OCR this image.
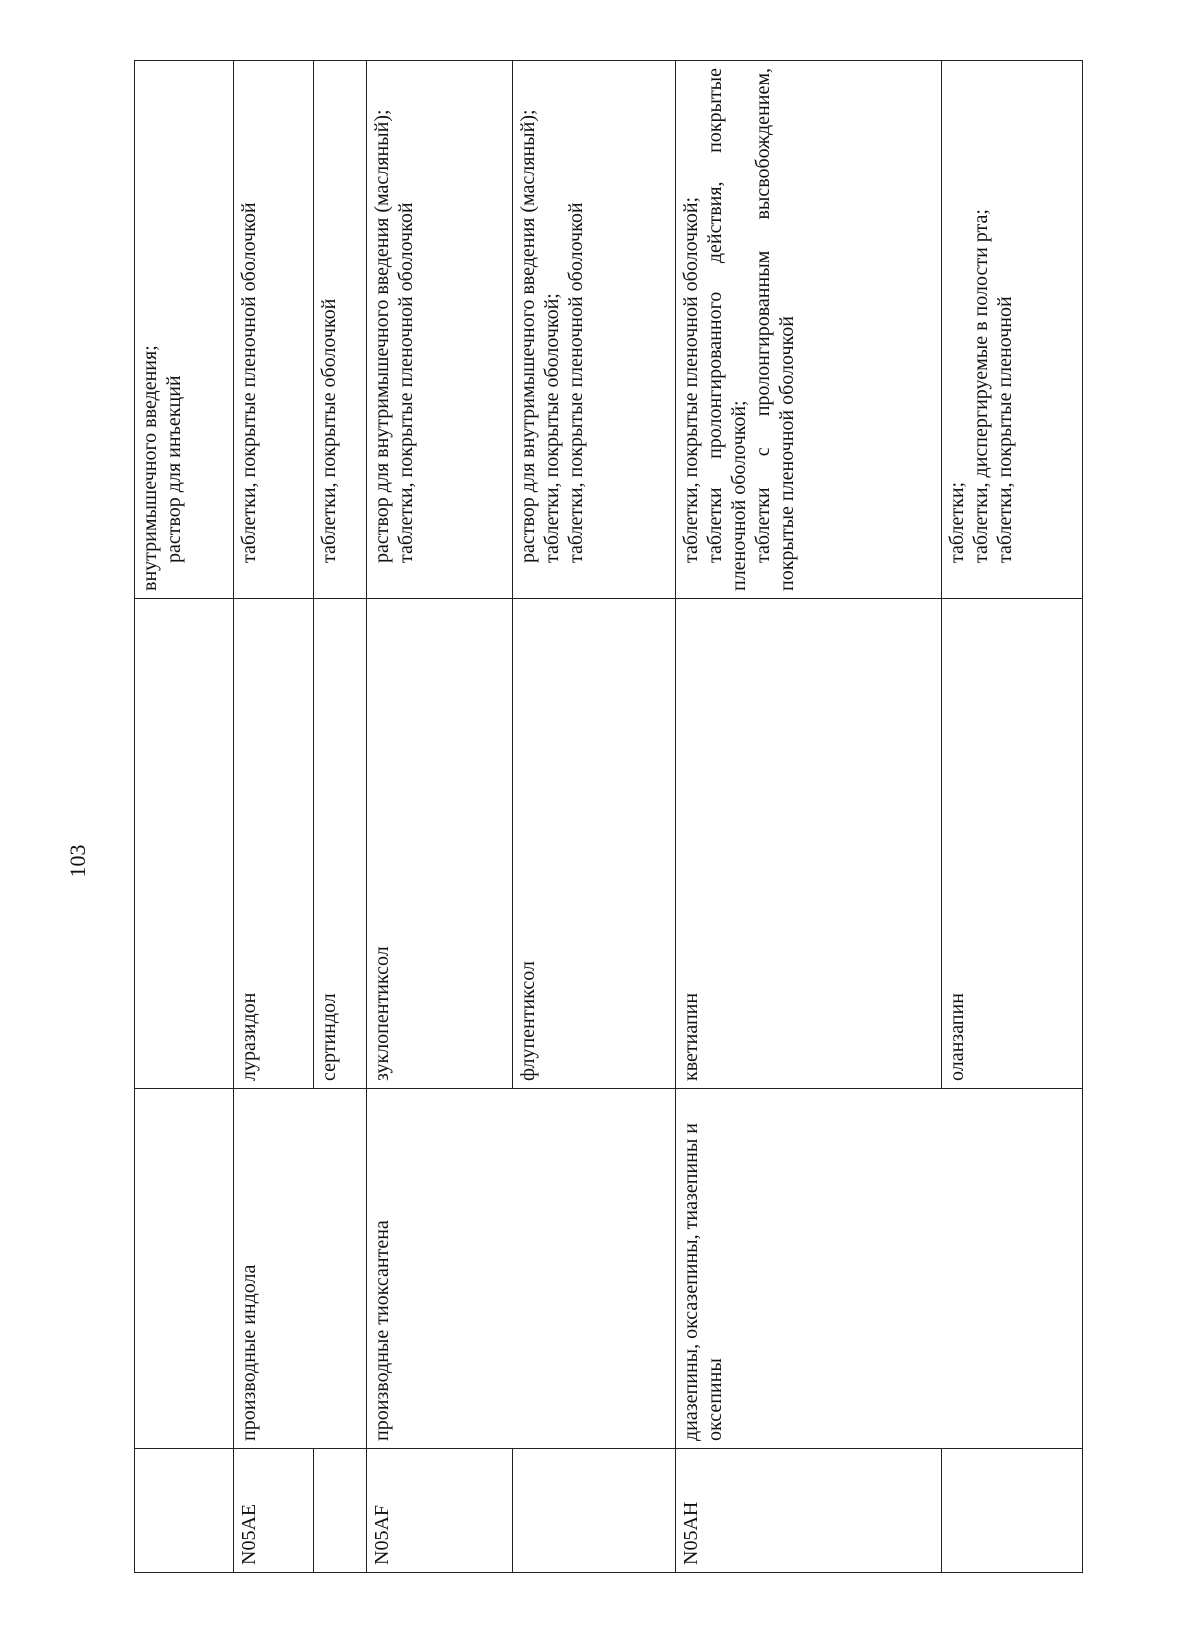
103

			внутримышечного введения; раствор для инъекций

N05AE	производные индола	луразидон	таблетки, покрытые пленочной оболочкой

		сертиндол	таблетки, покрытые оболочкой

N05AF	производные тиоксантена	зуклопентиксол	раствор для внутримышечного введения (масляный); таблетки, покрытые пленочной оболочкой

		флупентиксол	раствор для внутримышечного введения (масляный); таблетки, покрытые оболочкой; таблетки, покрытые пленочной оболочкой

N05AH	диазепины, оксазепины, тиазепины и оксепины	кветиапин	таблетки, покрытые пленочной оболочкой; таблетки пролонгированного действия, покрытые пленочной оболочкой; таблетки с пролонгированным высвобождением, покрытые пленочной оболочкой

		оланзапин	таблетки; таблетки, диспергируемые в полости рта; таблетки, покрытые пленочной
